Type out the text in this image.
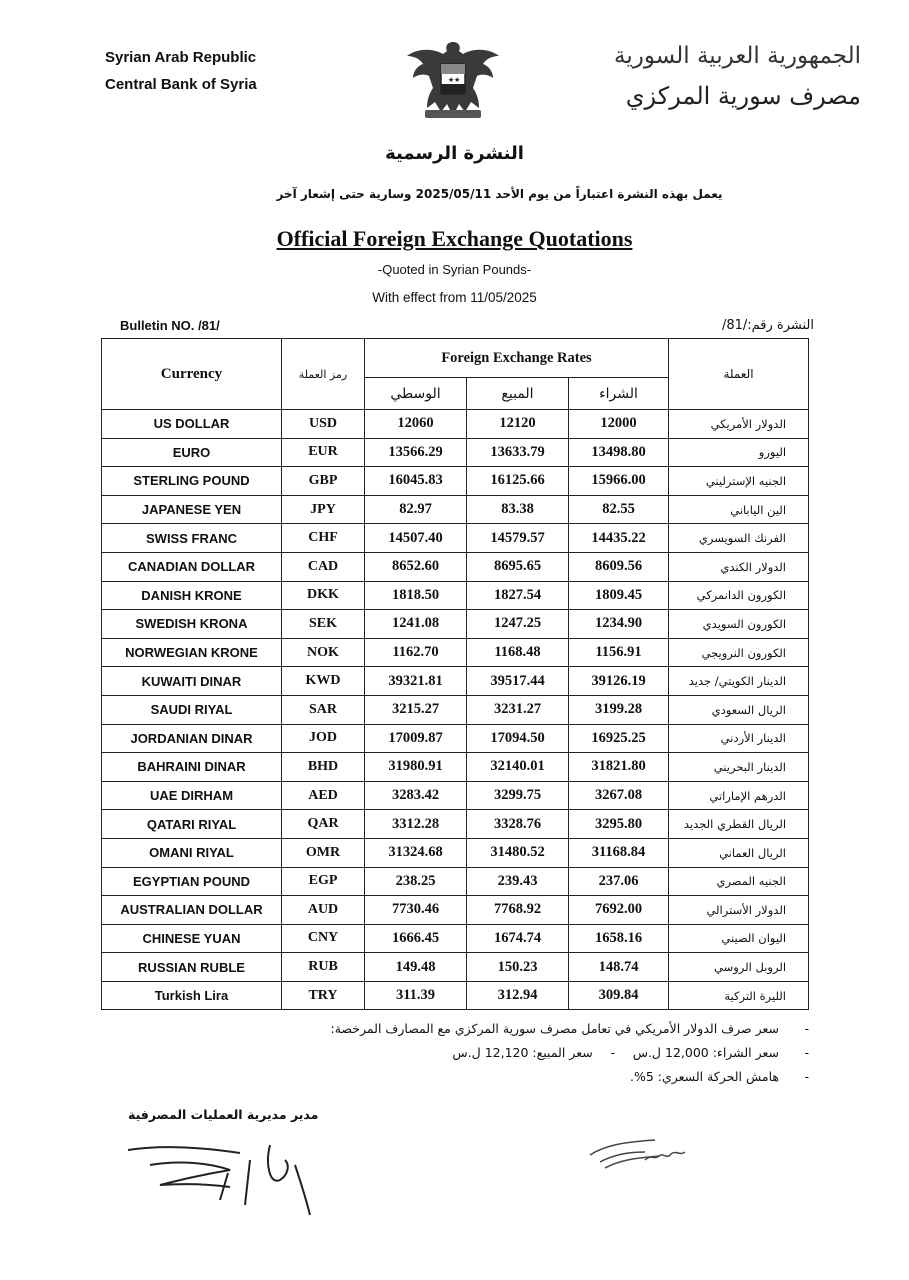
Syrian Arab Republic
Central Bank of Syria	★ ★
الجمهورية العربية السورية
مصرف سورية المركزي
النشرة الرسمية
يعمل بهذه النشرة اعتباراً من يوم الأحد 2025/05/11 وسارية حتى إشعار آخر
Official Foreign Exchange Quotations
-Quoted in Syrian Pounds-
With effect from 11/05/2025
Bulletin NO. /81/	النشرة رقم:/81/
Currency	رمز العملة	Foreign Exchange Rates			العملة
		الوسطي	المبيع	الشراء	
US DOLLAR	USD	12060	12120	12000	الدولار الأمريكي
EURO	EUR	13566.29	13633.79	13498.80	اليورو
STERLING POUND	GBP	16045.83	16125.66	15966.00	الجنيه الإسترليني
JAPANESE YEN	JPY	82.97	83.38	82.55	الين الياباني
SWISS FRANC	CHF	14507.40	14579.57	14435.22	الفرنك السويسري
CANADIAN DOLLAR	CAD	8652.60	8695.65	8609.56	الدولار الكندي
DANISH KRONE	DKK	1818.50	1827.54	1809.45	الكورون الدانمركي
SWEDISH KRONA	SEK	1241.08	1247.25	1234.90	الكورون السويدي
NORWEGIAN KRONE	NOK	1162.70	1168.48	1156.91	الكورون النرويجي
KUWAITI DINAR	KWD	39321.81	39517.44	39126.19	الدينار الكويتي/ جديد
SAUDI RIYAL	SAR	3215.27	3231.27	3199.28	الريال السعودي
JORDANIAN DINAR	JOD	17009.87	17094.50	16925.25	الدينار الأردني
BAHRAINI DINAR	BHD	31980.91	32140.01	31821.80	الدينار البحريني
UAE DIRHAM	AED	3283.42	3299.75	3267.08	الدرهم الإماراتي
QATARI RIYAL	QAR	3312.28	3328.76	3295.80	الريال القطري الجديد
OMANI RIYAL	OMR	31324.68	31480.52	31168.84	الريال العماني
EGYPTIAN POUND	EGP	238.25	239.43	237.06	الجنيه المصري
AUSTRALIAN DOLLAR	AUD	7730.46	7768.92	7692.00	الدولار الأسترالي
CHINESE YUAN	CNY	1666.45	1674.74	1658.16	اليوان الصيني
RUSSIAN RUBLE	RUB	149.48	150.23	148.74	الروبل الروسي
Turkish Lira	TRY	311.39	312.94	309.84	الليرة التركية
-سعر صرف الدولار الأمريكي في تعامل مصرف سورية المركزي مع المصارف المرخصة:
-سعر الشراء: 12,000 ل.س-سعر المبيع: 12,120 ل.س
-هامش الحركة السعري: 5%.
مدير مديرية العمليات المصرفية
